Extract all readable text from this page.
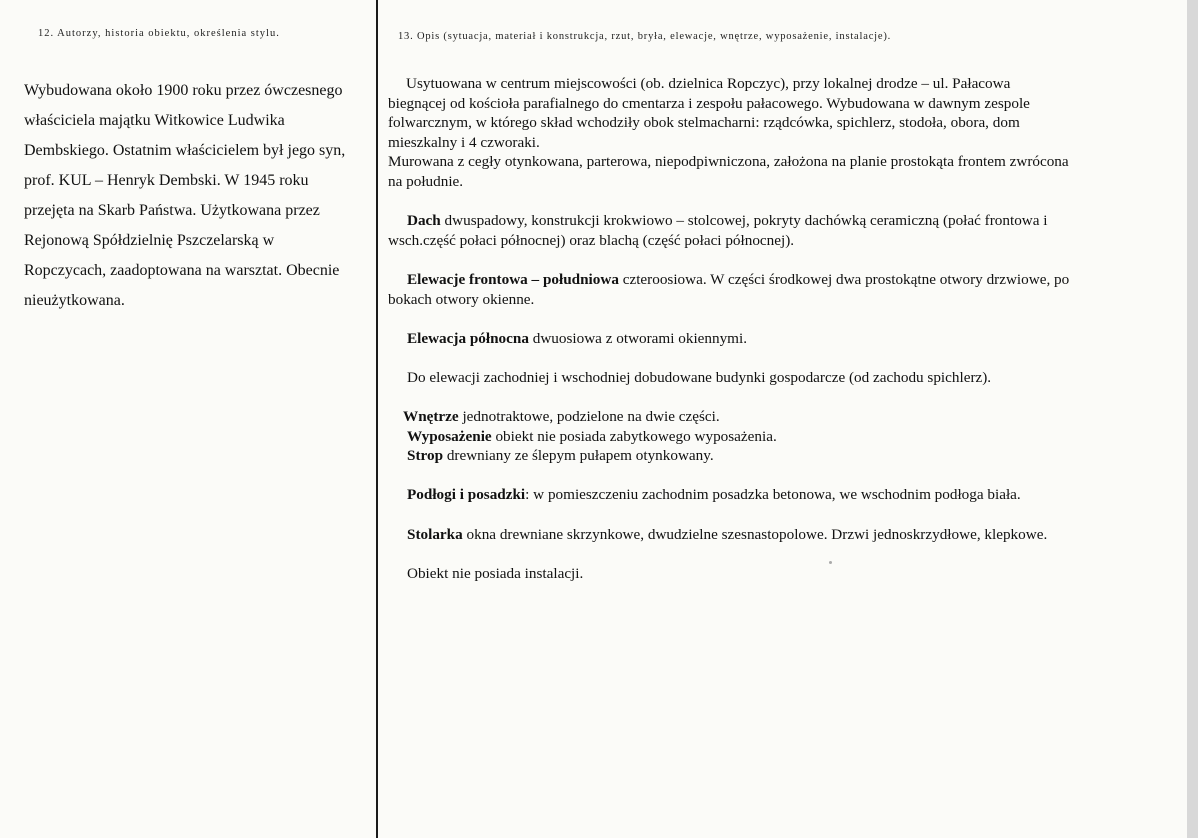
12. Autorzy, historia obiektu, określenia stylu.
Wybudowana około 1900 roku przez ówczesnego
właściciela majątku Witkowice Ludwika
Dembskiego. Ostatnim właścicielem był jego syn,
prof. KUL – Henryk Dembski. W 1945 roku
przejęta na Skarb Państwa. Użytkowana przez
Rejonową Spółdzielnię Pszczelarską w
Ropczycach, zaadoptowana na warsztat. Obecnie
nieużytkowana.
13. Opis (sytuacja, materiał i konstrukcja, rzut, bryła, elewacje, wnętrze, wyposażenie, instalacje).
Usytuowana w centrum miejscowości (ob. dzielnica Ropczyc), przy lokalnej drodze – ul. Pałacowa
biegnącej od kościoła parafialnego do cmentarza i zespołu pałacowego. Wybudowana w dawnym zespole
folwarcznym, w którego skład wchodziły obok stelmacharni: rządcówka, spichlerz, stodoła, obora, dom
mieszkalny i 4 czworaki.
Murowana z cegły otynkowana, parterowa, niepodpiwniczona, założona na planie prostokąta frontem zwrócona
na południe.
Dach dwuspadowy, konstrukcji krokwiowo – stolcowej, pokryty dachówką ceramiczną (połać frontowa i
wsch.część połaci północnej) oraz blachą (część połaci północnej).
Elewacje frontowa – południowa czteroosiowa. W części środkowej dwa prostokątne otwory drzwiowe, po
bokach otwory okienne.
Elewacja północna dwuosiowa z otworami okiennymi.
Do elewacji zachodniej i wschodniej dobudowane budynki gospodarcze (od zachodu spichlerz).
Wnętrze jednotraktowe, podzielone na dwie części.
Wyposażenie obiekt nie posiada zabytkowego wyposażenia.
Strop drewniany ze ślepym pułapem otynkowany.
Podłogi i posadzki: w pomieszczeniu zachodnim posadzka betonowa, we wschodnim podłoga biała.
Stolarka okna drewniane skrzynkowe, dwudzielne szesnastopolowe. Drzwi jednoskrzydłowe, klepkowe.
Obiekt nie posiada instalacji.
